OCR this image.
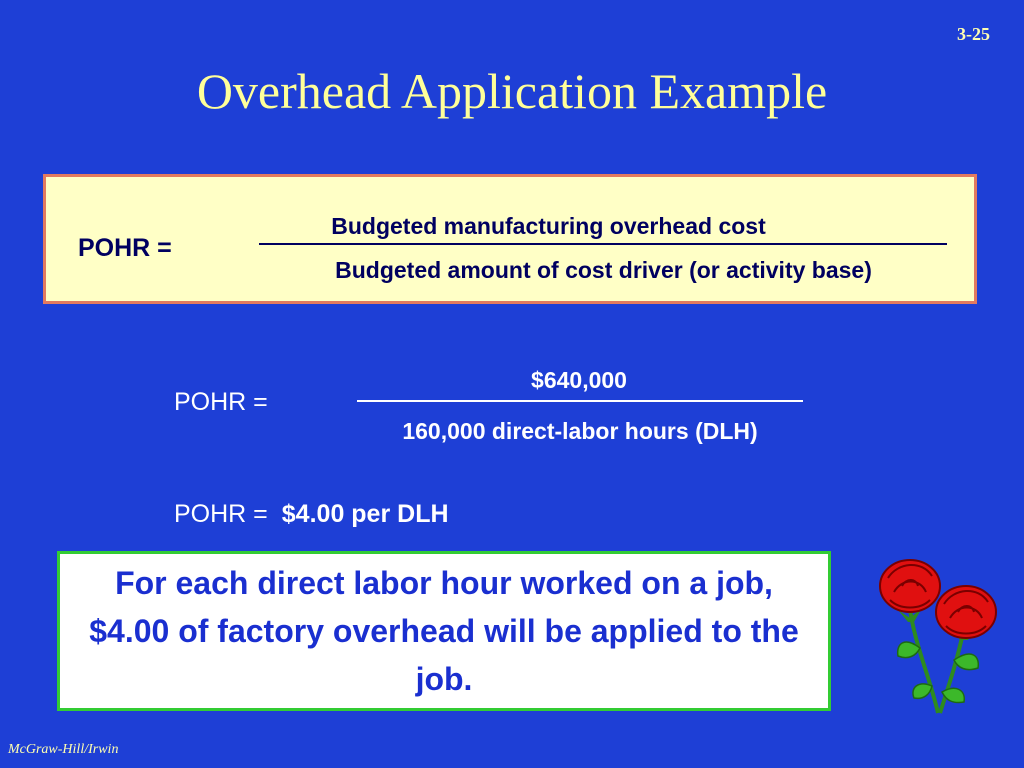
3-25
Overhead Application Example
POHR =
Budgeted manufacturing overhead cost
Budgeted amount of cost driver (or activity base)
POHR =
$640,000
160,000 direct-labor hours (DLH)
POHR = $4.00 per DLH
For each direct labor hour worked on a job, $4.00 of factory overhead will be applied to the job.
McGraw-Hill/Irwin
